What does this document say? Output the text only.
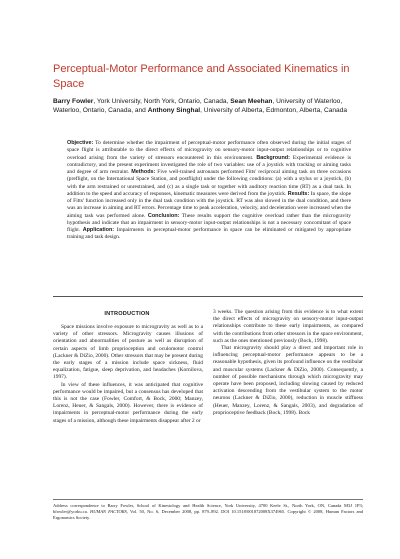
Perceptual-Motor Performance and Associated Kinematics in Space
Barry Fowler, York University, North York, Ontario, Canada, Sean Meehan, University of Waterloo, Waterloo, Ontario, Canada, and Anthony Singhal, University of Alberta, Edmonton, Alberta, Canada

Objective: To determine whether the impairment of perceptual-motor performance often observed during the initial stages of space flight is attributable to the direct effects of microgravity on sensory-motor input-output relationships or to cognitive overload arising from the variety of stressors encountered in this environment. Background: Experimental evidence is contradictory, and the present experiment investigated the role of two variables: use of a joystick with tracking or aiming tasks and degree of arm restraint. Methods: Five well-trained astronauts performed Fitts' reciprocal aiming task on three occasions (preflight, on the International Space Station, and postflight) under the following conditions: (a) with a stylus or a joystick, (b) with the arm restrained or unrestrained, and (c) as a single task or together with auditory reaction time (RT) as a dual task. In addition to the speed and accuracy of responses, kinematic measures were derived from the joystick. Results: In space, the slope of Fitts' function increased only in the dual task condition with the joystick. RT was also slowed in the dual condition, and there was an increase in aiming and RT errors. Percentage time to peak acceleration, velocity, and deceleration were increased when the aiming task was performed alone. Conclusion: These results support the cognitive overload rather than the microgravity hypothesis and indicate that an impairment in sensory-motor input-output relationships is not a necessary concomitant of space flight. Application: Impairments in perceptual-motor performance in space can be eliminated or mitigated by appropriate training and task design.

INTRODUCTION

Space missions involve exposure to microgravity as well as to a variety of other stressors. Microgravity causes illusions of orientation and abnormalities of posture as well as disruption of certain aspects of limb proprioception and oculomotor control (Lackner & DiZio, 2000). Other stressors that may be present during the early stages of a mission include space sickness, fluid equalization, fatigue, sleep deprivation, and headaches (Kornilova, 1997).

In view of these influences, it was anticipated that cognitive performance would be impaired, but a consensus has developed that this is not the case (Fowler, Comfort, & Bock, 2000; Manzey, Lorenz, Heuer, & Sangals, 2000). However, there is evidence of impairments in perceptual-motor performance during the early stages of a mission, although these impairments disappear after 2 or

3 weeks. The question arising from this evidence is to what extent the direct effects of microgravity on sensory-motor input-output relationships contribute to these early impairments, as compared with the contributions from other stressors in the space environment, such as the ones mentioned previously (Bock, 1998).

That microgravity should play a direct and important role in influencing perceptual-motor performance appears to be a reasonable hypothesis, given its profound influence on the vestibular and muscular systems (Lackner & DiZio, 2000). Consequently, a number of possible mechanisms through which microgravity may operate have been proposed, including slowing caused by reduced activation descending from the vestibular system to the motor neurons (Lackner & DiZio, 2000), reduction in muscle stiffness (Heuer, Manzey, Lorenz, & Sangals, 2003), and degradation of proprioceptive feedback (Bock, 1998). Bock

Address correspondence to Barry Fowler, School of Kinesiology and Health Science, York University, 4700 Keele St., North York, ON, Canada M3J 1P3; bfowler@yorku.ca. HUMAN FACTORS, Vol. 50, No. 6, December 2008, pp. 879–892. DOI 10.1518/001872008X374965. Copyright © 2008, Human Factors and Ergonomics Society.
